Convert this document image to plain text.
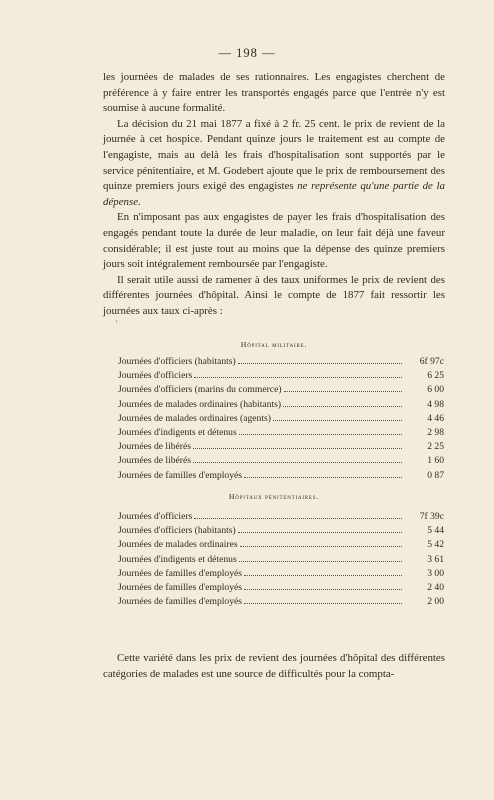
— 198 —

les journées de malades de ses rationnaires. Les engagistes cherchent de préférence à y faire entrer les transportés engagés parce que l'entrée n'y est soumise à aucune formalité.

La décision du 21 mai 1877 a fixé à 2 fr. 25 cent. le prix de revient de la journée à cet hospice. Pendant quinze jours le traitement est au compte de l'engagiste, mais au delà les frais d'hospitalisation sont supportés par le service pénitentiaire, et M. Godebert ajoute que le prix de remboursement des quinze premiers jours exigé des engagistes ne représente qu'une partie de la dépense.

En n'imposant pas aux engagistes de payer les frais d'hospitalisation des engagés pendant toute la durée de leur maladie, on leur fait déjà une faveur considérable; il est juste tout au moins que la dépense des quinze premiers jours soit intégralement remboursée par l'engagiste.

Il serait utile aussi de ramener à des taux uniformes le prix de revient des différentes journées d'hôpital. Ainsi le compte de 1877 fait ressortir les journées aux taux ci-après :

'
Hôpital militaire.
Journées d'officiers (habitants)	6f 97c
Journées d'officiers	6 25
Journées d'officiers (marins du commerce)	6 00
Journées de malades ordinaires (habitants)	4 98
Journées de malades ordinaires (agents)	4 46
Journées d'indigents et détenus	2 98
Journées de libérés	2 25
Journées de libérés	1 60
Journées de familles d'employés	0 87
Hôpitaux pénitentiaires.
Journées d'officiers	7f 39c
Journées d'officiers (habitants)	5 44
Journées de malades ordinaires	5 42
Journées d'indigents et détenus	3 61
Journées de familles d'employés	3 00
Journées de familles d'employés	2 40
Journées de familles d'employés	2 00

Cette variété dans les prix de revient des journées d'hôpital des différentes catégories de malades est une source de difficultés pour la compta-
